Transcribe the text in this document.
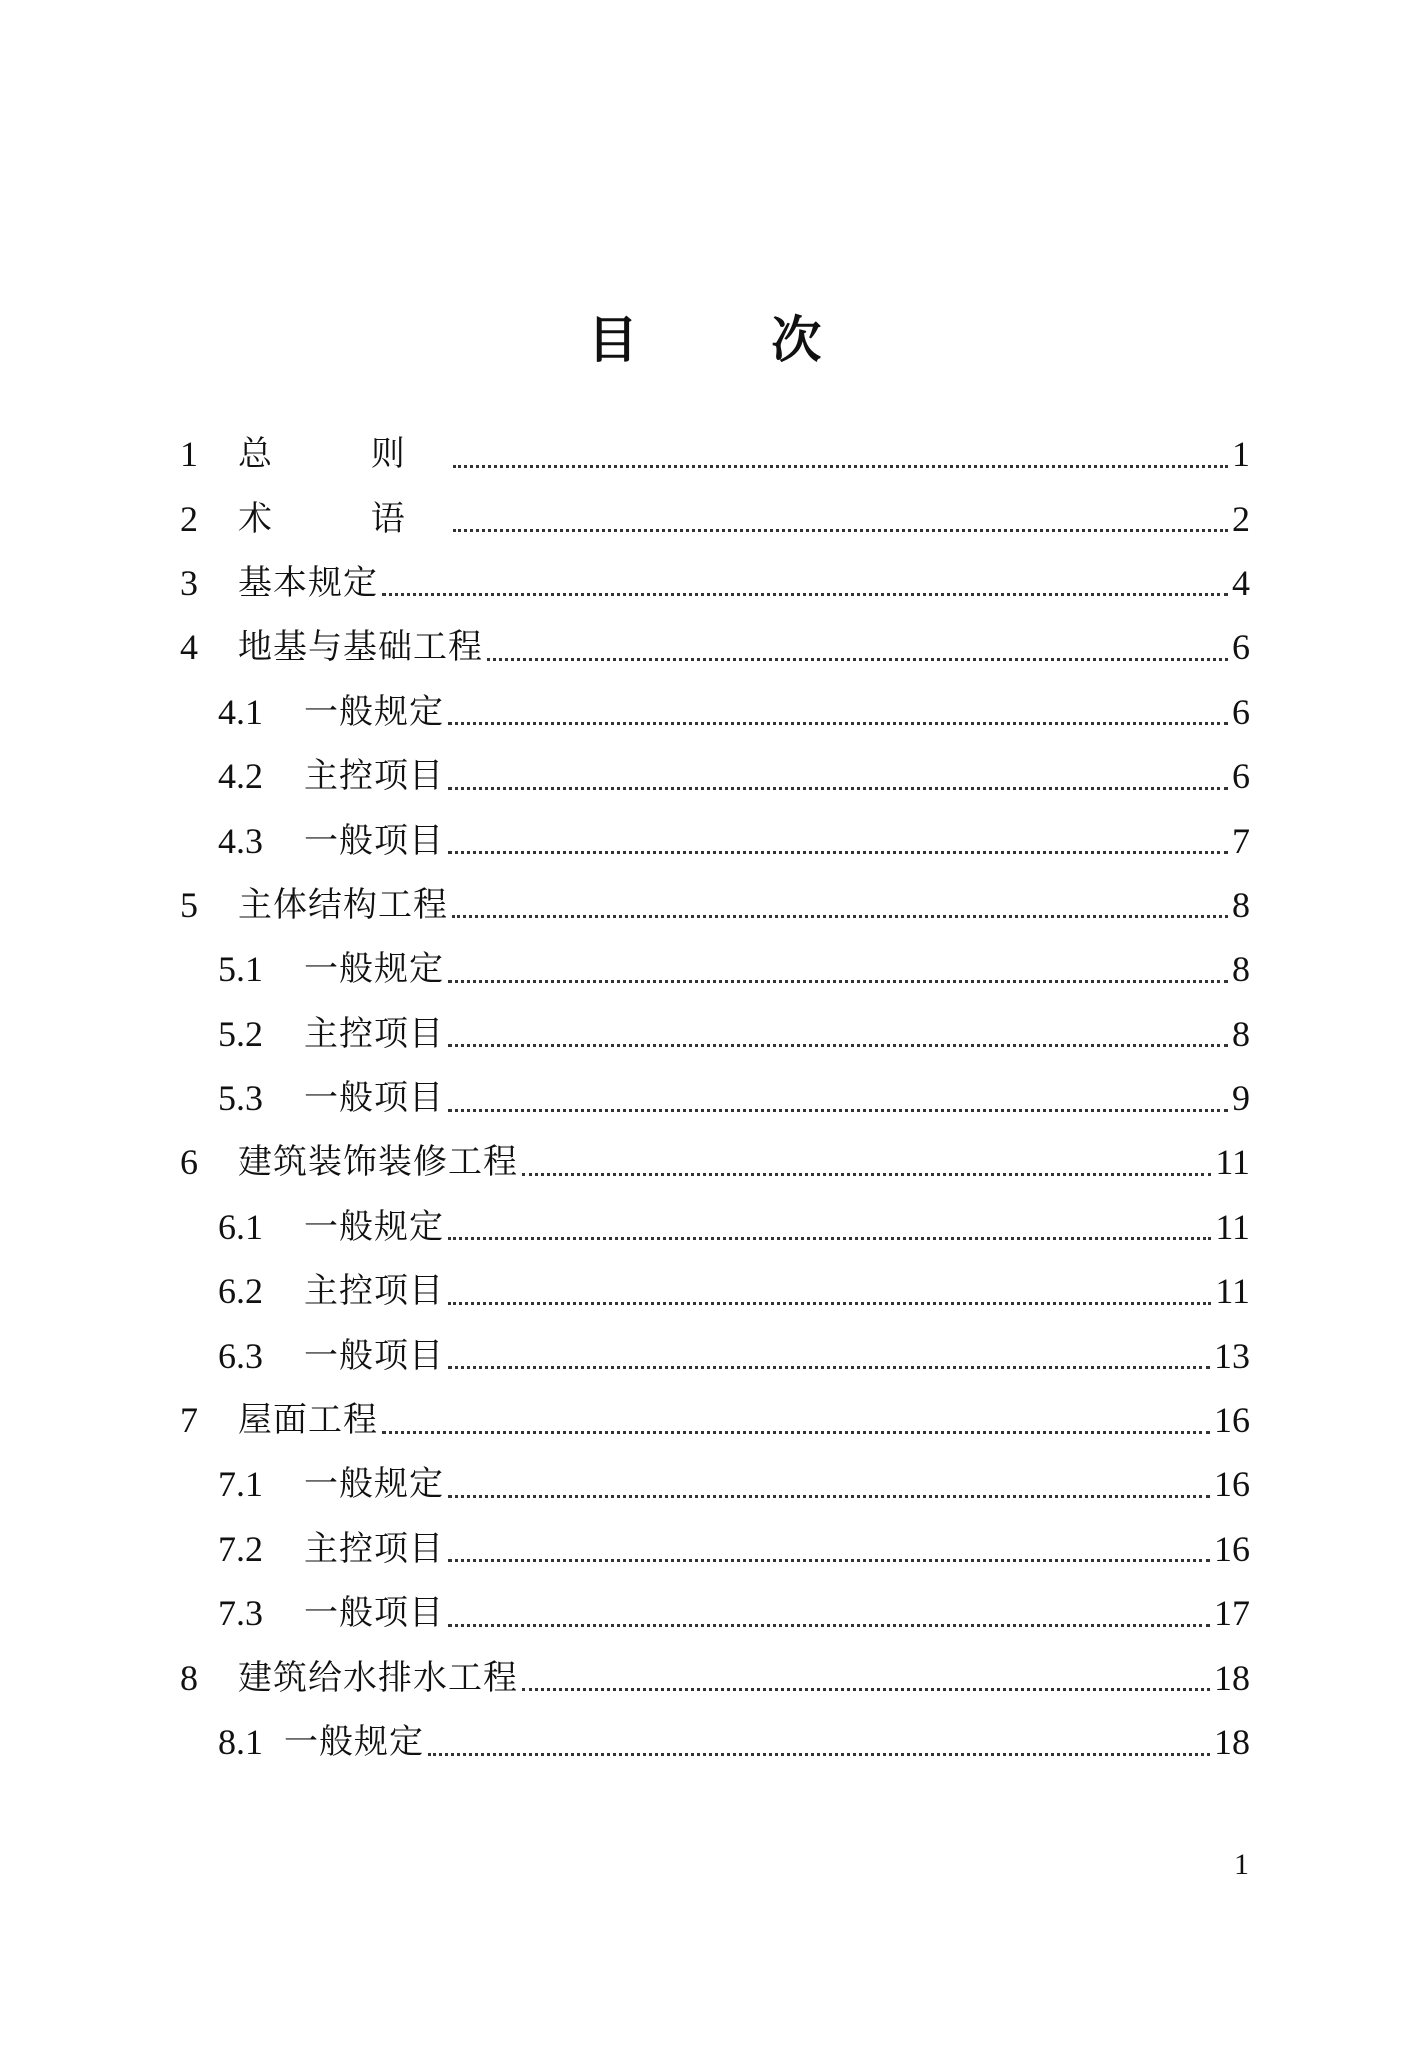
目 次
1	总 则	1
2	术 语	2
3	基本规定	4
4	地基与基础工程	6
4.1	一般规定	6
4.2	主控项目	6
4.3	一般项目	7
5	主体结构工程	8
5.1	一般规定	8
5.2	主控项目	8
5.3	一般项目	9
6	建筑装饰装修工程	11
6.1	一般规定	11
6.2	主控项目	11
6.3	一般项目	13
7	屋面工程	16
7.1	一般规定	16
7.2	主控项目	16
7.3	一般项目	17
8	建筑给水排水工程	18
8.1 一般规定	18
1
